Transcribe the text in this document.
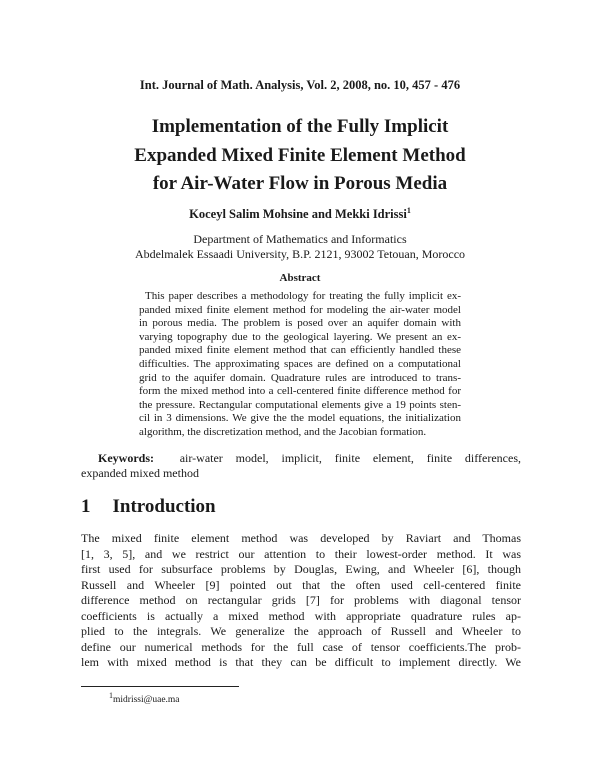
Int. Journal of Math. Analysis, Vol. 2, 2008, no. 10, 457 - 476
Implementation of the Fully Implicit
Expanded Mixed Finite Element Method
for Air-Water Flow in Porous Media
Koceyl Salim Mohsine and Mekki Idrissi$^1$
Department of Mathematics and Informatics
Abdelmalek Essaadi University, B.P. 2121, 93002 Tetouan, Morocco
Abstract
This paper describes a methodology for treating the fully implicit ex-
panded mixed finite element method for modeling the air-water model
in porous media. The problem is posed over an aquifer domain with
varying topography due to the geological layering. We present an ex-
panded mixed finite element method that can efficiently handled these
difficulties. The approximating spaces are defined on a computational
grid to the aquifer domain. Quadrature rules are introduced to trans-
form the mixed method into a cell-centered finite difference method for
the pressure. Rectangular computational elements give a 19 points sten-
cil in 3 dimensions. We give the the model equations, the initialization
algorithm, the discretization method, and the Jacobian formation.
Keywords: air-water model, implicit, finite element, finite differences,
expanded mixed method
1 Introduction
The mixed finite element method was developed by Raviart and Thomas
[1, 3, 5], and we restrict our attention to their lowest-order method. It was
first used for subsurface problems by Douglas, Ewing, and Wheeler [6], though
Russell and Wheeler [9] pointed out that the often used cell-centered finite
difference method on rectangular grids [7] for problems with diagonal tensor
coefficients is actually a mixed method with appropriate quadrature rules ap-
plied to the integrals. We generalize the approach of Russell and Wheeler to
define our numerical methods for the full case of tensor coefficients.The prob-
lem with mixed method is that they can be difficult to implement directly. We
$^1$midrissi@uae.ma
